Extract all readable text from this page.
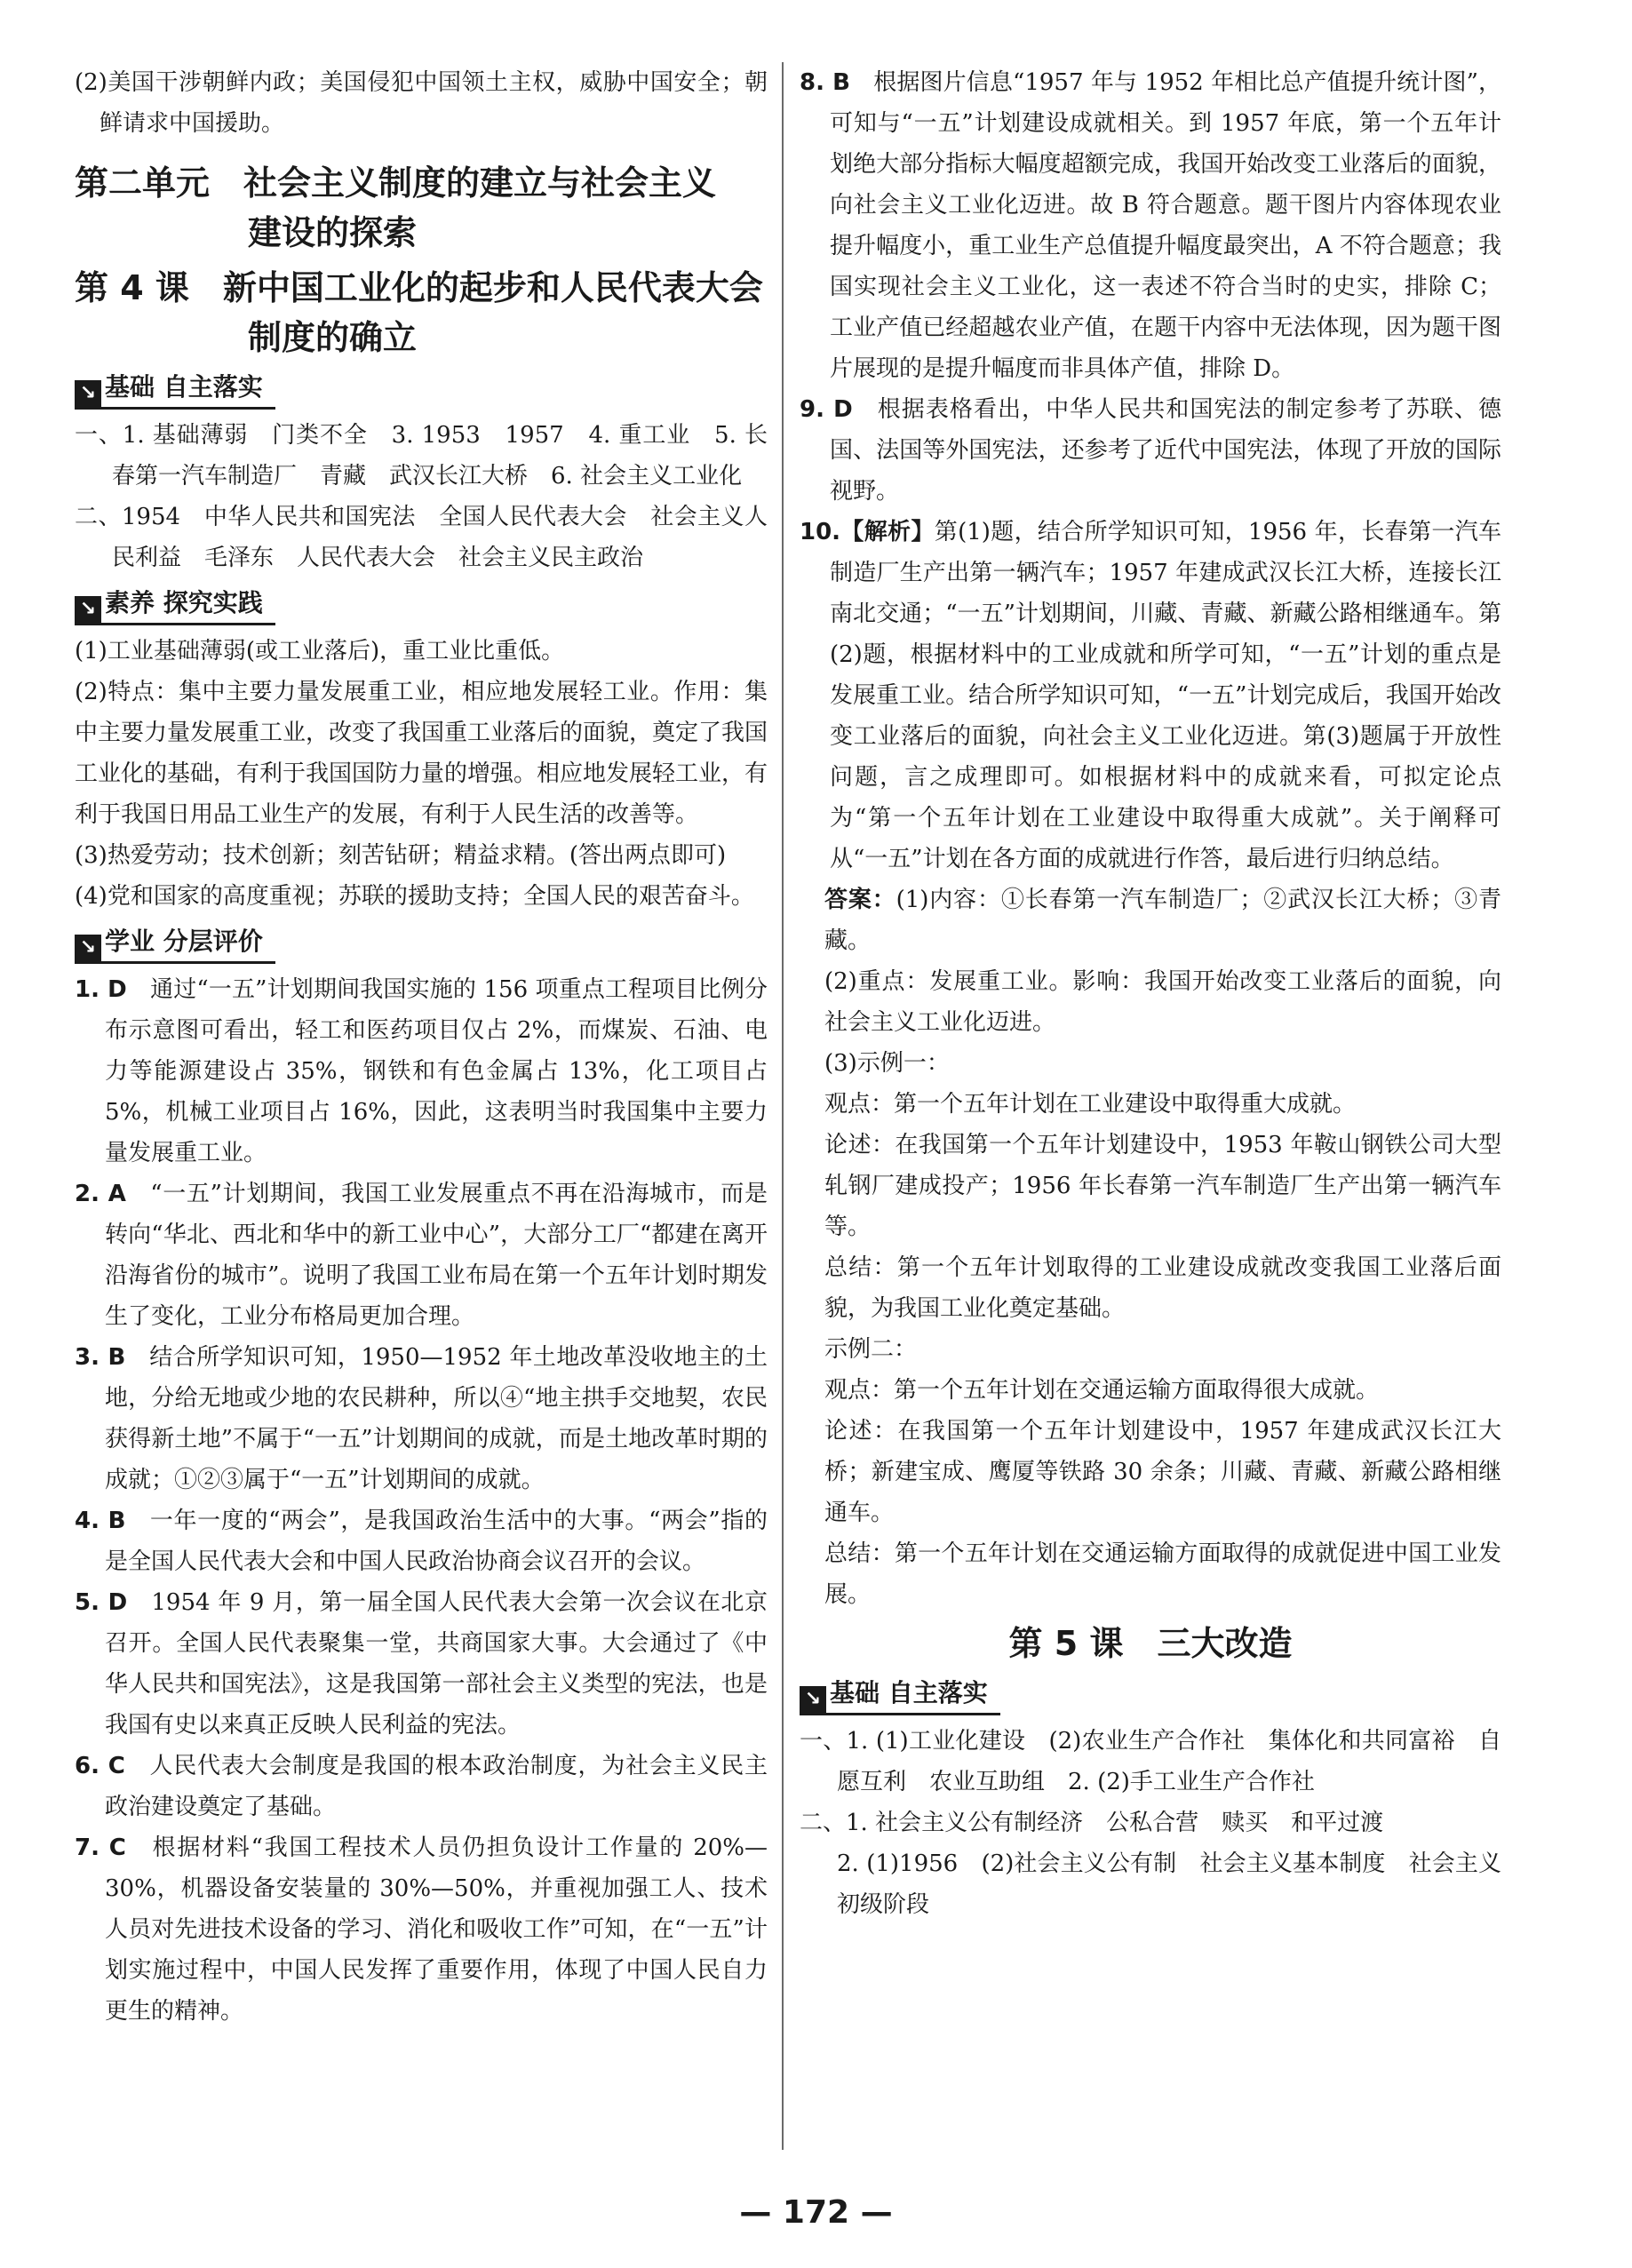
(2)美国干涉朝鲜内政；美国侵犯中国领土主权，威胁中国安全；朝鲜请求中国援助。

第二单元　社会主义制度的建立与社会主义

建设的探索

第 4 课　新中国工业化的起步和人民代表大会

制度的确立

↘ 基础 自主落实

一、1. 基础薄弱　门类不全　3. 1953　1957　4. 重工业　5. 长春第一汽车制造厂　青藏　武汉长江大桥　6. 社会主义工业化

二、1954　中华人民共和国宪法　全国人民代表大会　社会主义人民利益　毛泽东　人民代表大会　社会主义民主政治

↘ 素养 探究实践

(1)工业基础薄弱(或工业落后)，重工业比重低。

(2)特点：集中主要力量发展重工业，相应地发展轻工业。作用：集中主要力量发展重工业，改变了我国重工业落后的面貌，奠定了我国工业化的基础，有利于我国国防力量的增强。相应地发展轻工业，有利于我国日用品工业生产的发展，有利于人民生活的改善等。

(3)热爱劳动；技术创新；刻苦钻研；精益求精。(答出两点即可)

(4)党和国家的高度重视；苏联的援助支持；全国人民的艰苦奋斗。

↘ 学业 分层评价

1. D　通过“一五”计划期间我国实施的 156 项重点工程项目比例分布示意图可看出，轻工和医药项目仅占 2%，而煤炭、石油、电力等能源建设占 35%，钢铁和有色金属占 13%，化工项目占 5%，机械工业项目占 16%，因此，这表明当时我国集中主要力量发展重工业。

2. A　“一五”计划期间，我国工业发展重点不再在沿海城市，而是转向“华北、西北和华中的新工业中心”，大部分工厂“都建在离开沿海省份的城市”。说明了我国工业布局在第一个五年计划时期发生了变化，工业分布格局更加合理。

3. B　结合所学知识可知，1950—1952 年土地改革没收地主的土地，分给无地或少地的农民耕种，所以④“地主拱手交地契，农民获得新土地”不属于“一五”计划期间的成就，而是土地改革时期的成就；①②③属于“一五”计划期间的成就。

4. B　一年一度的“两会”，是我国政治生活中的大事。“两会”指的是全国人民代表大会和中国人民政治协商会议召开的会议。

5. D　1954 年 9 月，第一届全国人民代表大会第一次会议在北京召开。全国人民代表聚集一堂，共商国家大事。大会通过了《中华人民共和国宪法》，这是我国第一部社会主义类型的宪法，也是我国有史以来真正反映人民利益的宪法。

6. C　人民代表大会制度是我国的根本政治制度，为社会主义民主政治建设奠定了基础。

7. C　根据材料“我国工程技术人员仍担负设计工作量的 20%—30%，机器设备安装量的 30%—50%，并重视加强工人、技术人员对先进技术设备的学习、消化和吸收工作”可知，在“一五”计划实施过程中，中国人民发挥了重要作用，体现了中国人民自力更生的精神。

8. B　根据图片信息“1957 年与 1952 年相比总产值提升统计图”，可知与“一五”计划建设成就相关。到 1957 年底，第一个五年计划绝大部分指标大幅度超额完成，我国开始改变工业落后的面貌，向社会主义工业化迈进。故 B 符合题意。题干图片内容体现农业提升幅度小，重工业生产总值提升幅度最突出，A 不符合题意；我国实现社会主义工业化，这一表述不符合当时的史实，排除 C；工业产值已经超越农业产值，在题干内容中无法体现，因为题干图片展现的是提升幅度而非具体产值，排除 D。

9. D　根据表格看出，中华人民共和国宪法的制定参考了苏联、德国、法国等外国宪法，还参考了近代中国宪法，体现了开放的国际视野。

10.【解析】第(1)题，结合所学知识可知，1956 年，长春第一汽车制造厂生产出第一辆汽车；1957 年建成武汉长江大桥，连接长江南北交通；“一五”计划期间，川藏、青藏、新藏公路相继通车。第(2)题，根据材料中的工业成就和所学可知，“一五”计划的重点是发展重工业。结合所学知识可知，“一五”计划完成后，我国开始改变工业落后的面貌，向社会主义工业化迈进。第(3)题属于开放性问题，言之成理即可。如根据材料中的成就来看，可拟定论点为“第一个五年计划在工业建设中取得重大成就”。关于阐释可从“一五”计划在各方面的成就进行作答，最后进行归纳总结。

答案：(1)内容：①长春第一汽车制造厂；②武汉长江大桥；③青藏。

(2)重点：发展重工业。影响：我国开始改变工业落后的面貌，向社会主义工业化迈进。

(3)示例一：

观点：第一个五年计划在工业建设中取得重大成就。

论述：在我国第一个五年计划建设中，1953 年鞍山钢铁公司大型轧钢厂建成投产；1956 年长春第一汽车制造厂生产出第一辆汽车等。

总结：第一个五年计划取得的工业建设成就改变我国工业落后面貌，为我国工业化奠定基础。

示例二：

观点：第一个五年计划在交通运输方面取得很大成就。

论述：在我国第一个五年计划建设中，1957 年建成武汉长江大桥；新建宝成、鹰厦等铁路 30 余条；川藏、青藏、新藏公路相继通车。

总结：第一个五年计划在交通运输方面取得的成就促进中国工业发展。

第 5 课　三大改造

↘ 基础 自主落实

一、1. (1)工业化建设　(2)农业生产合作社　集体化和共同富裕　自愿互利　农业互助组　2. (2)手工业生产合作社

二、1. 社会主义公有制经济　公私合营　赎买　和平过渡

2. (1)1956　(2)社会主义公有制　社会主义基本制度　社会主义初级阶段

— 172 —
